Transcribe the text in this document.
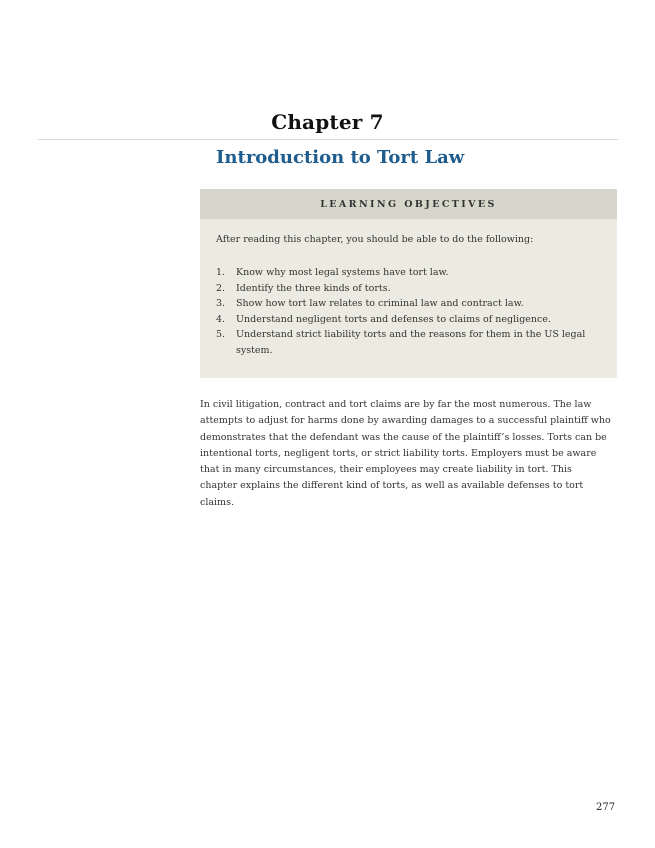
Chapter 7
Introduction to Tort Law
LEARNING OBJECTIVES
After reading this chapter, you should be able to do the following:
1.	Know why most legal systems have tort law.
2.	Identify the three kinds of torts.
3.	Show how tort law relates to criminal law and contract law.
4.	Understand negligent torts and defenses to claims of negligence.
5.	Understand strict liability torts and the reasons for them in the US legal system.

In civil litigation, contract and tort claims are by far the most numerous. The law attempts to adjust for harms done by awarding damages to a successful plaintiff who demonstrates that the defendant was the cause of the plaintiff’s losses. Torts can be intentional torts, negligent torts, or strict liability torts. Employers must be aware that in many circumstances, their employees may create liability in tort. This chapter explains the different kind of torts, as well as available defenses to tort claims.

277
